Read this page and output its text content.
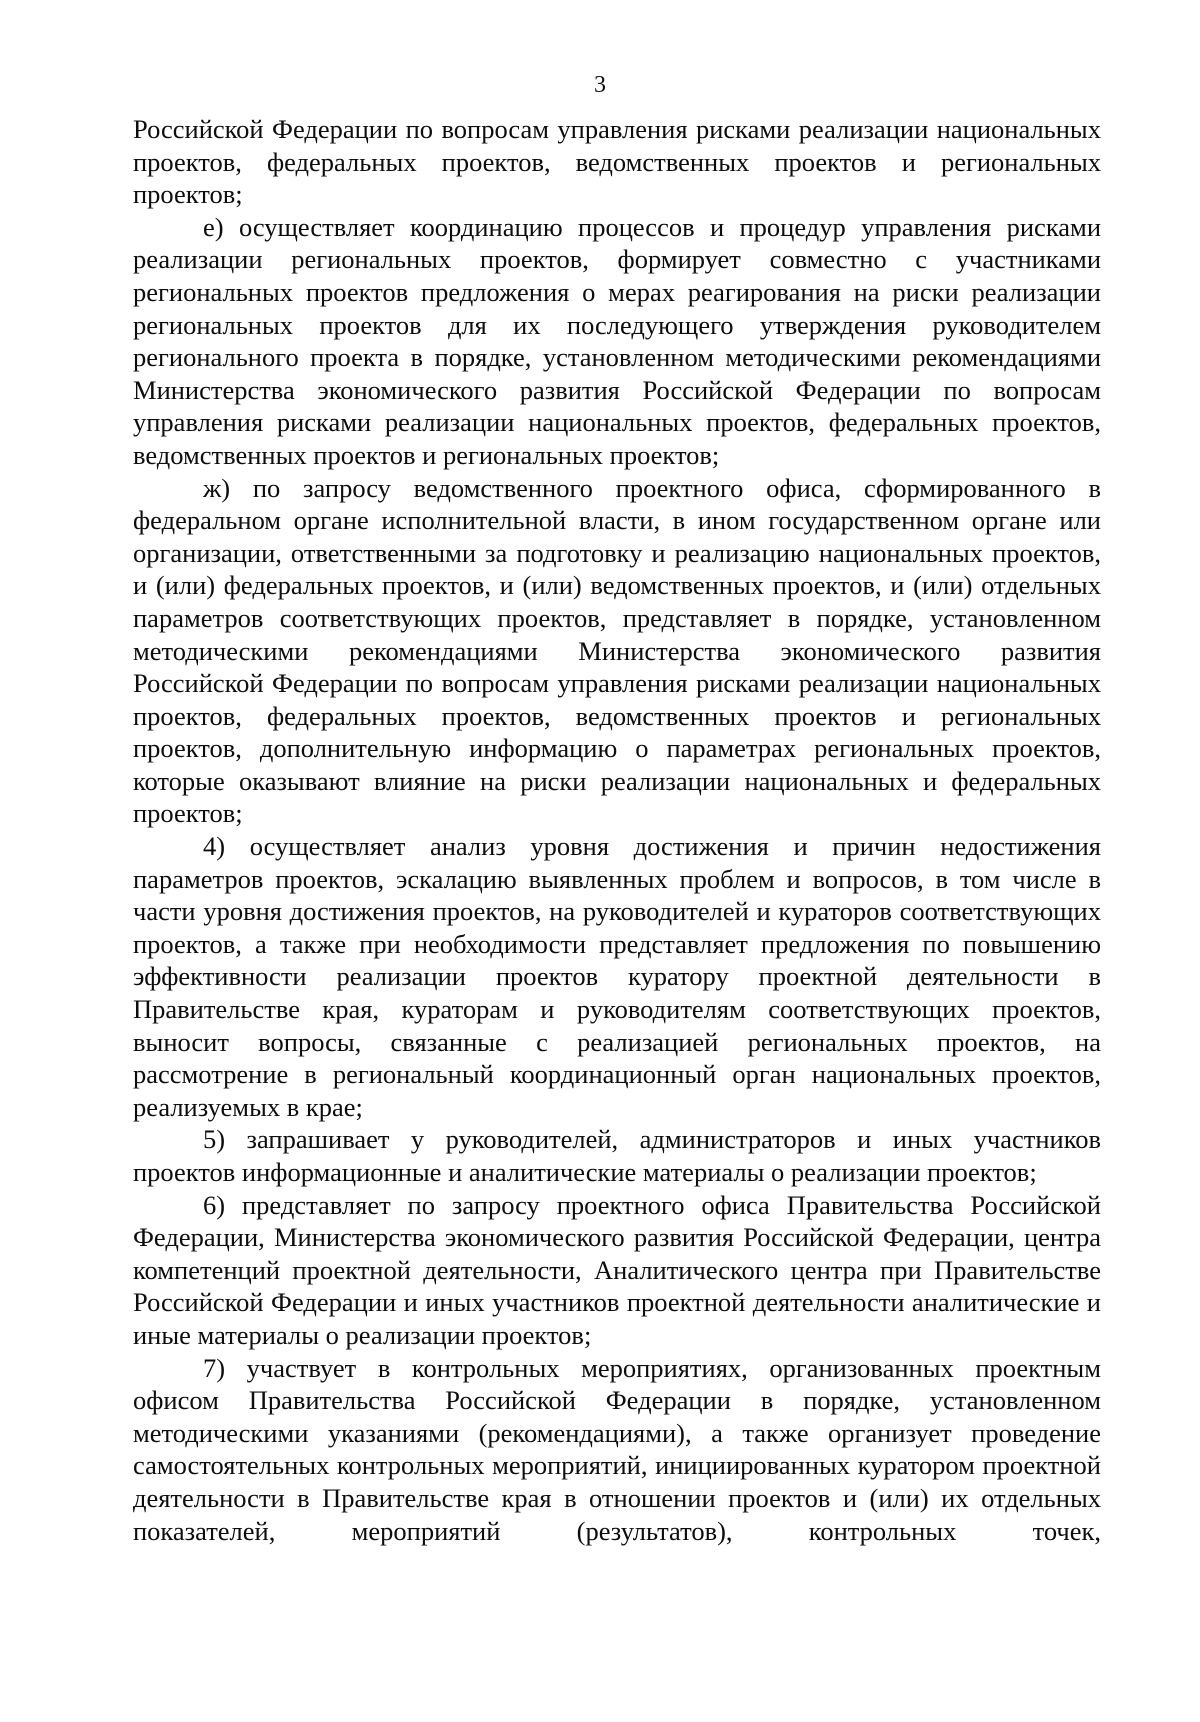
3

Российской Федерации по вопросам управления рисками реализации национальных проектов, федеральных проектов, ведомственных проектов и региональных проектов;

е) осуществляет координацию процессов и процедур управления рисками реализации региональных проектов, формирует совместно с участниками региональных проектов предложения о мерах реагирования на риски реализации региональных проектов для их последующего утверждения руководителем регионального проекта в порядке, установленном методическими рекомендациями Министерства экономического развития Российской Федерации по вопросам управления рисками реализации национальных проектов, федеральных проектов, ведомственных проектов и региональных проектов;

ж) по запросу ведомственного проектного офиса, сформированного в федеральном органе исполнительной власти, в ином государственном органе или организации, ответственными за подготовку и реализацию национальных проектов, и (или) федеральных проектов, и (или) ведомственных проектов, и (или) отдельных параметров соответствующих проектов, представляет в порядке, установленном методическими рекомендациями Министерства экономического развития Российской Федерации по вопросам управления рисками реализации национальных проектов, федеральных проектов, ведомственных проектов и региональных проектов, дополнительную информацию о параметрах региональных проектов, которые оказывают влияние на риски реализации национальных и федеральных проектов;

4) осуществляет анализ уровня достижения и причин недостижения параметров проектов, эскалацию выявленных проблем и вопросов, в том числе в части уровня достижения проектов, на руководителей и кураторов соответствующих проектов, а также при необходимости представляет предложения по повышению эффективности реализации проектов куратору проектной деятельности в Правительстве края, кураторам и руководителям соответствующих проектов, выносит вопросы, связанные с реализацией региональных проектов, на рассмотрение в региональный координационный орган национальных проектов, реализуемых в крае;

5) запрашивает у руководителей, администраторов и иных участников проектов информационные и аналитические материалы о реализации проектов;

6) представляет по запросу проектного офиса Правительства Российской Федерации, Министерства экономического развития Российской Федерации, центра компетенций проектной деятельности, Аналитического центра при Правительстве Российской Федерации и иных участников проектной деятельности аналитические и иные материалы о реализации проектов;

7) участвует в контрольных мероприятиях, организованных проектным офисом Правительства Российской Федерации в порядке, установленном методическими указаниями (рекомендациями), а также организует проведение самостоятельных контрольных мероприятий, инициированных куратором проектной деятельности в Правительстве края в отношении проектов и (или) их отдельных показателей, мероприятий (результатов), контрольных точек,
